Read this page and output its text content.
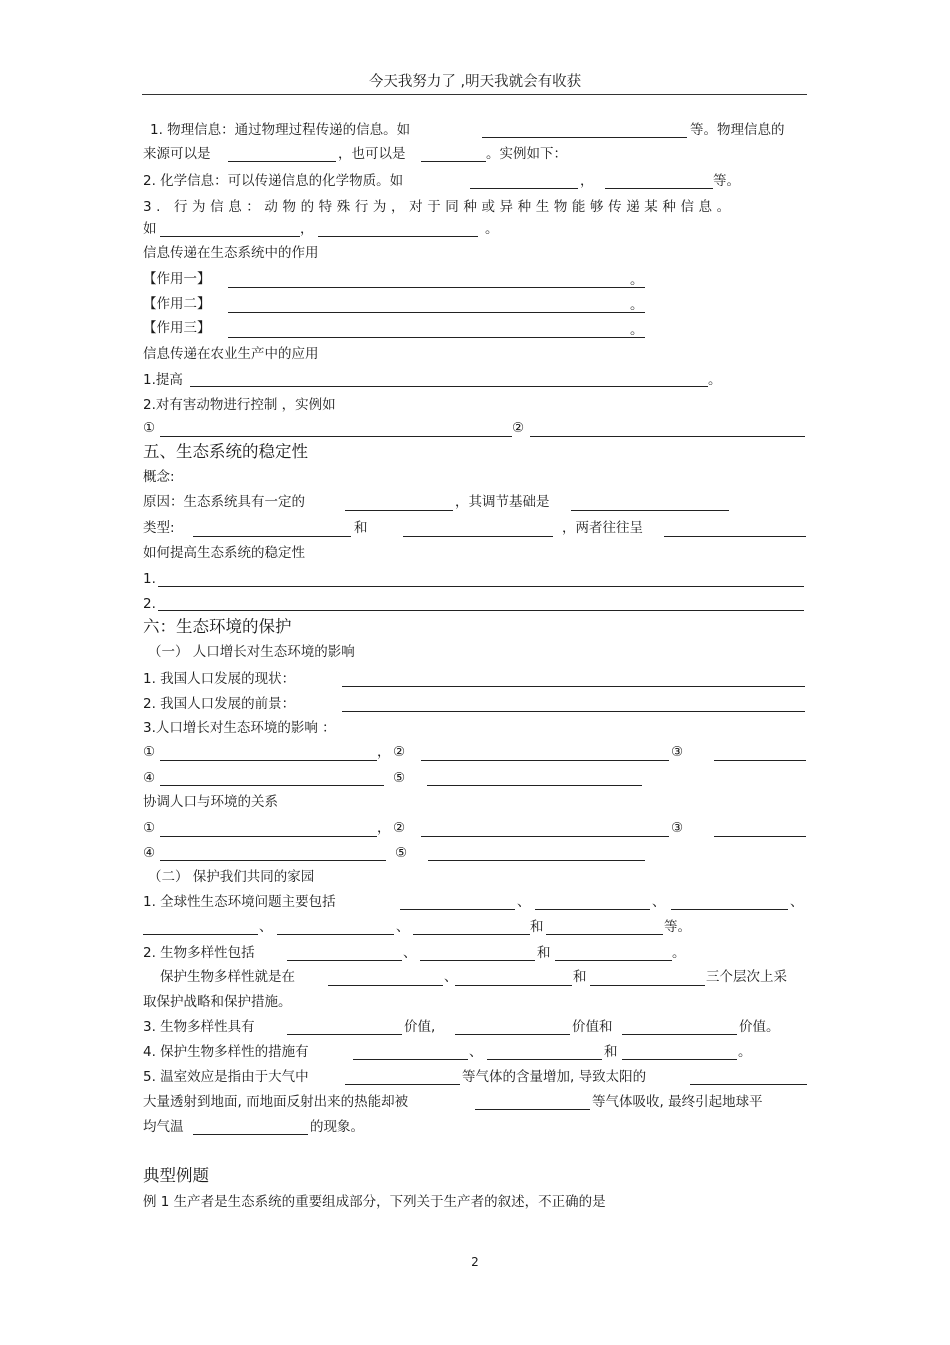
今天我努力了 ,明天我就会有收获
1. 物理信息：通过物理过程传递的信息。如	等。物理信息的
来源可以是	，也可以是	。实例如下：
2. 化学信息：可以传递信息的化学物质。如	，	等。
3. 行为信息：动物的特殊行为，对于同种或异种生物能够传递某种信息。
如	，	。
信息传递在生态系统中的作用
【作用一】	。
【作用二】	。
【作用三】	。
信息传递在农业生产中的应用
1.提高	。
2.对有害动物进行控制 ，实例如
①	②
五、生态系统的稳定性
概念:
原因：生态系统具有一定的	，其调节基础是
类型:	和	，两者往往呈
如何提高生态系统的稳定性
1.
2.
六：生态环境的保护
（一） 人口增长对生态环境的影响
1. 我国人口发展的现状：
2. 我国人口发展的前景：
3.人口增长对生态环境的影响 ：
①	， ②	③
④	⑤
协调人口与环境的关系
①	， ②	③
④	⑤
（二） 保护我们共同的家园
1. 全球性生态环境问题主要包括	、	、	、
、	、	和	等。
2. 生物多样性包括	、	和	。
保护生物多样性就是在	、	和	三个层次上采
取保护战略和保护措施。
3. 生物多样性具有	价值,	价值和	价值。
4. 保护生物多样性的措施有	、	和	。
5. 温室效应是指由于大气中	等气体的含量增加, 导致太阳的
大量透射到地面, 而地面反射出来的热能却被	等气体吸收, 最终引起地球平
均气温	的现象。
典型例题
例 1 生产者是生态系统的重要组成部分，下列关于生产者的叙述，不正确的是
2
